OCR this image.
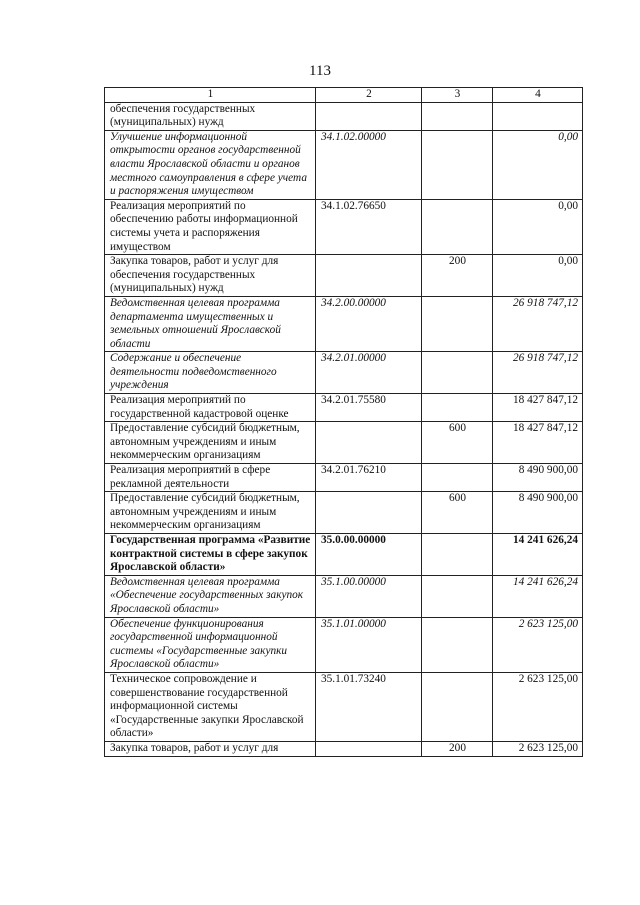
113
1	2	3	4
обеспечения государственных (муниципальных) нужд			
Улучшение информационной открытости органов государственной власти Ярославской области и органов местного самоуправления в сфере учета и распоряжения имуществом	34.1.02.00000		0,00
Реализация мероприятий по обеспечению работы информационной системы учета и распоряжения имуществом	34.1.02.76650		0,00
Закупка товаров, работ и услуг для обеспечения государственных (муниципальных) нужд		200	0,00
Ведомственная целевая программа департамента имущественных и земельных отношений Ярославской области	34.2.00.00000		26 918 747,12
Содержание и обеспечение деятельности подведомственного учреждения	34.2.01.00000		26 918 747,12
Реализация мероприятий по государственной кадастровой оценке	34.2.01.75580		18 427 847,12
Предоставление субсидий бюджетным, автономным учреждениям и иным некоммерческим организациям		600	18 427 847,12
Реализация мероприятий в сфере рекламной деятельности	34.2.01.76210		8 490 900,00
Предоставление субсидий бюджетным, автономным учреждениям и иным некоммерческим организациям		600	8 490 900,00
Государственная программа «Развитие контрактной системы в сфере закупок Ярославской области»	35.0.00.00000		14 241 626,24
Ведомственная целевая программа «Обеспечение государственных закупок Ярославской области»	35.1.00.00000		14 241 626,24
Обеспечение функционирования государственной информационной системы «Государственные закупки Ярославской области»	35.1.01.00000		2 623 125,00
Техническое сопровождение и совершенствование государственной информационной системы «Государственные закупки Ярославской области»	35.1.01.73240		2 623 125,00
Закупка товаров, работ и услуг для		200	2 623 125,00
